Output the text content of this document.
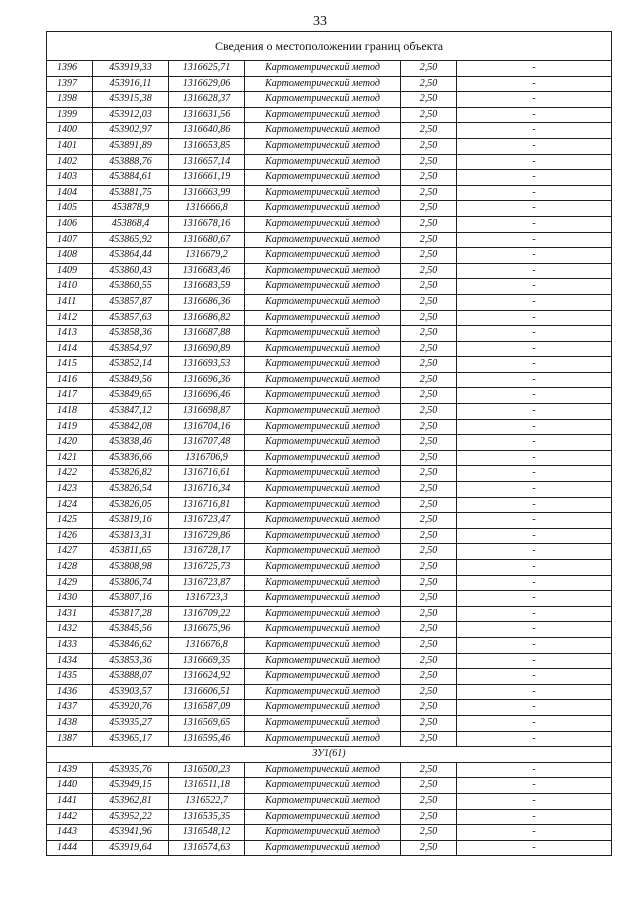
33
Сведения о местоположении границ объекта					
1396	453919,33	1316625,71	Картометрический метод	2,50	-
1397	453916,11	1316629,06	Картометрический метод	2,50	-
1398	453915,38	1316628,37	Картометрический метод	2,50	-
1399	453912,03	1316631,56	Картометрический метод	2,50	-
1400	453902,97	1316640,86	Картометрический метод	2,50	-
1401	453891,89	1316653,85	Картометрический метод	2,50	-
1402	453888,76	1316657,14	Картометрический метод	2,50	-
1403	453884,61	1316661,19	Картометрический метод	2,50	-
1404	453881,75	1316663,99	Картометрический метод	2,50	-
1405	453878,9	1316666,8	Картометрический метод	2,50	-
1406	453868,4	1316678,16	Картометрический метод	2,50	-
1407	453865,92	1316680,67	Картометрический метод	2,50	-
1408	453864,44	1316679,2	Картометрический метод	2,50	-
1409	453860,43	1316683,46	Картометрический метод	2,50	-
1410	453860,55	1316683,59	Картометрический метод	2,50	-
1411	453857,87	1316686,36	Картометрический метод	2,50	-
1412	453857,63	1316686,82	Картометрический метод	2,50	-
1413	453858,36	1316687,88	Картометрический метод	2,50	-
1414	453854,97	1316690,89	Картометрический метод	2,50	-
1415	453852,14	1316693,53	Картометрический метод	2,50	-
1416	453849,56	1316696,36	Картометрический метод	2,50	-
1417	453849,65	1316696,46	Картометрический метод	2,50	-
1418	453847,12	1316698,87	Картометрический метод	2,50	-
1419	453842,08	1316704,16	Картометрический метод	2,50	-
1420	453838,46	1316707,48	Картометрический метод	2,50	-
1421	453836,66	1316706,9	Картометрический метод	2,50	-
1422	453826,82	1316716,61	Картометрический метод	2,50	-
1423	453826,54	1316716,34	Картометрический метод	2,50	-
1424	453826,05	1316716,81	Картометрический метод	2,50	-
1425	453819,16	1316723,47	Картометрический метод	2,50	-
1426	453813,31	1316729,86	Картометрический метод	2,50	-
1427	453811,65	1316728,17	Картометрический метод	2,50	-
1428	453808,98	1316725,73	Картометрический метод	2,50	-
1429	453806,74	1316723,87	Картометрический метод	2,50	-
1430	453807,16	1316723,3	Картометрический метод	2,50	-
1431	453817,28	1316709,22	Картометрический метод	2,50	-
1432	453845,56	1316675,96	Картометрический метод	2,50	-
1433	453846,62	1316676,8	Картометрический метод	2,50	-
1434	453853,36	1316669,35	Картометрический метод	2,50	-
1435	453888,07	1316624,92	Картометрический метод	2,50	-
1436	453903,57	1316606,51	Картометрический метод	2,50	-
1437	453920,76	1316587,09	Картометрический метод	2,50	-
1438	453935,27	1316569,65	Картометрический метод	2,50	-
1387	453965,17	1316595,46	Картометрический метод	2,50	-
ЗУ1(61)					
1439	453935,76	1316500,23	Картометрический метод	2,50	-
1440	453949,15	1316511,18	Картометрический метод	2,50	-
1441	453962,81	1316522,7	Картометрический метод	2,50	-
1442	453952,22	1316535,35	Картометрический метод	2,50	-
1443	453941,96	1316548,12	Картометрический метод	2,50	-
1444	453919,64	1316574,63	Картометрический метод	2,50	-
